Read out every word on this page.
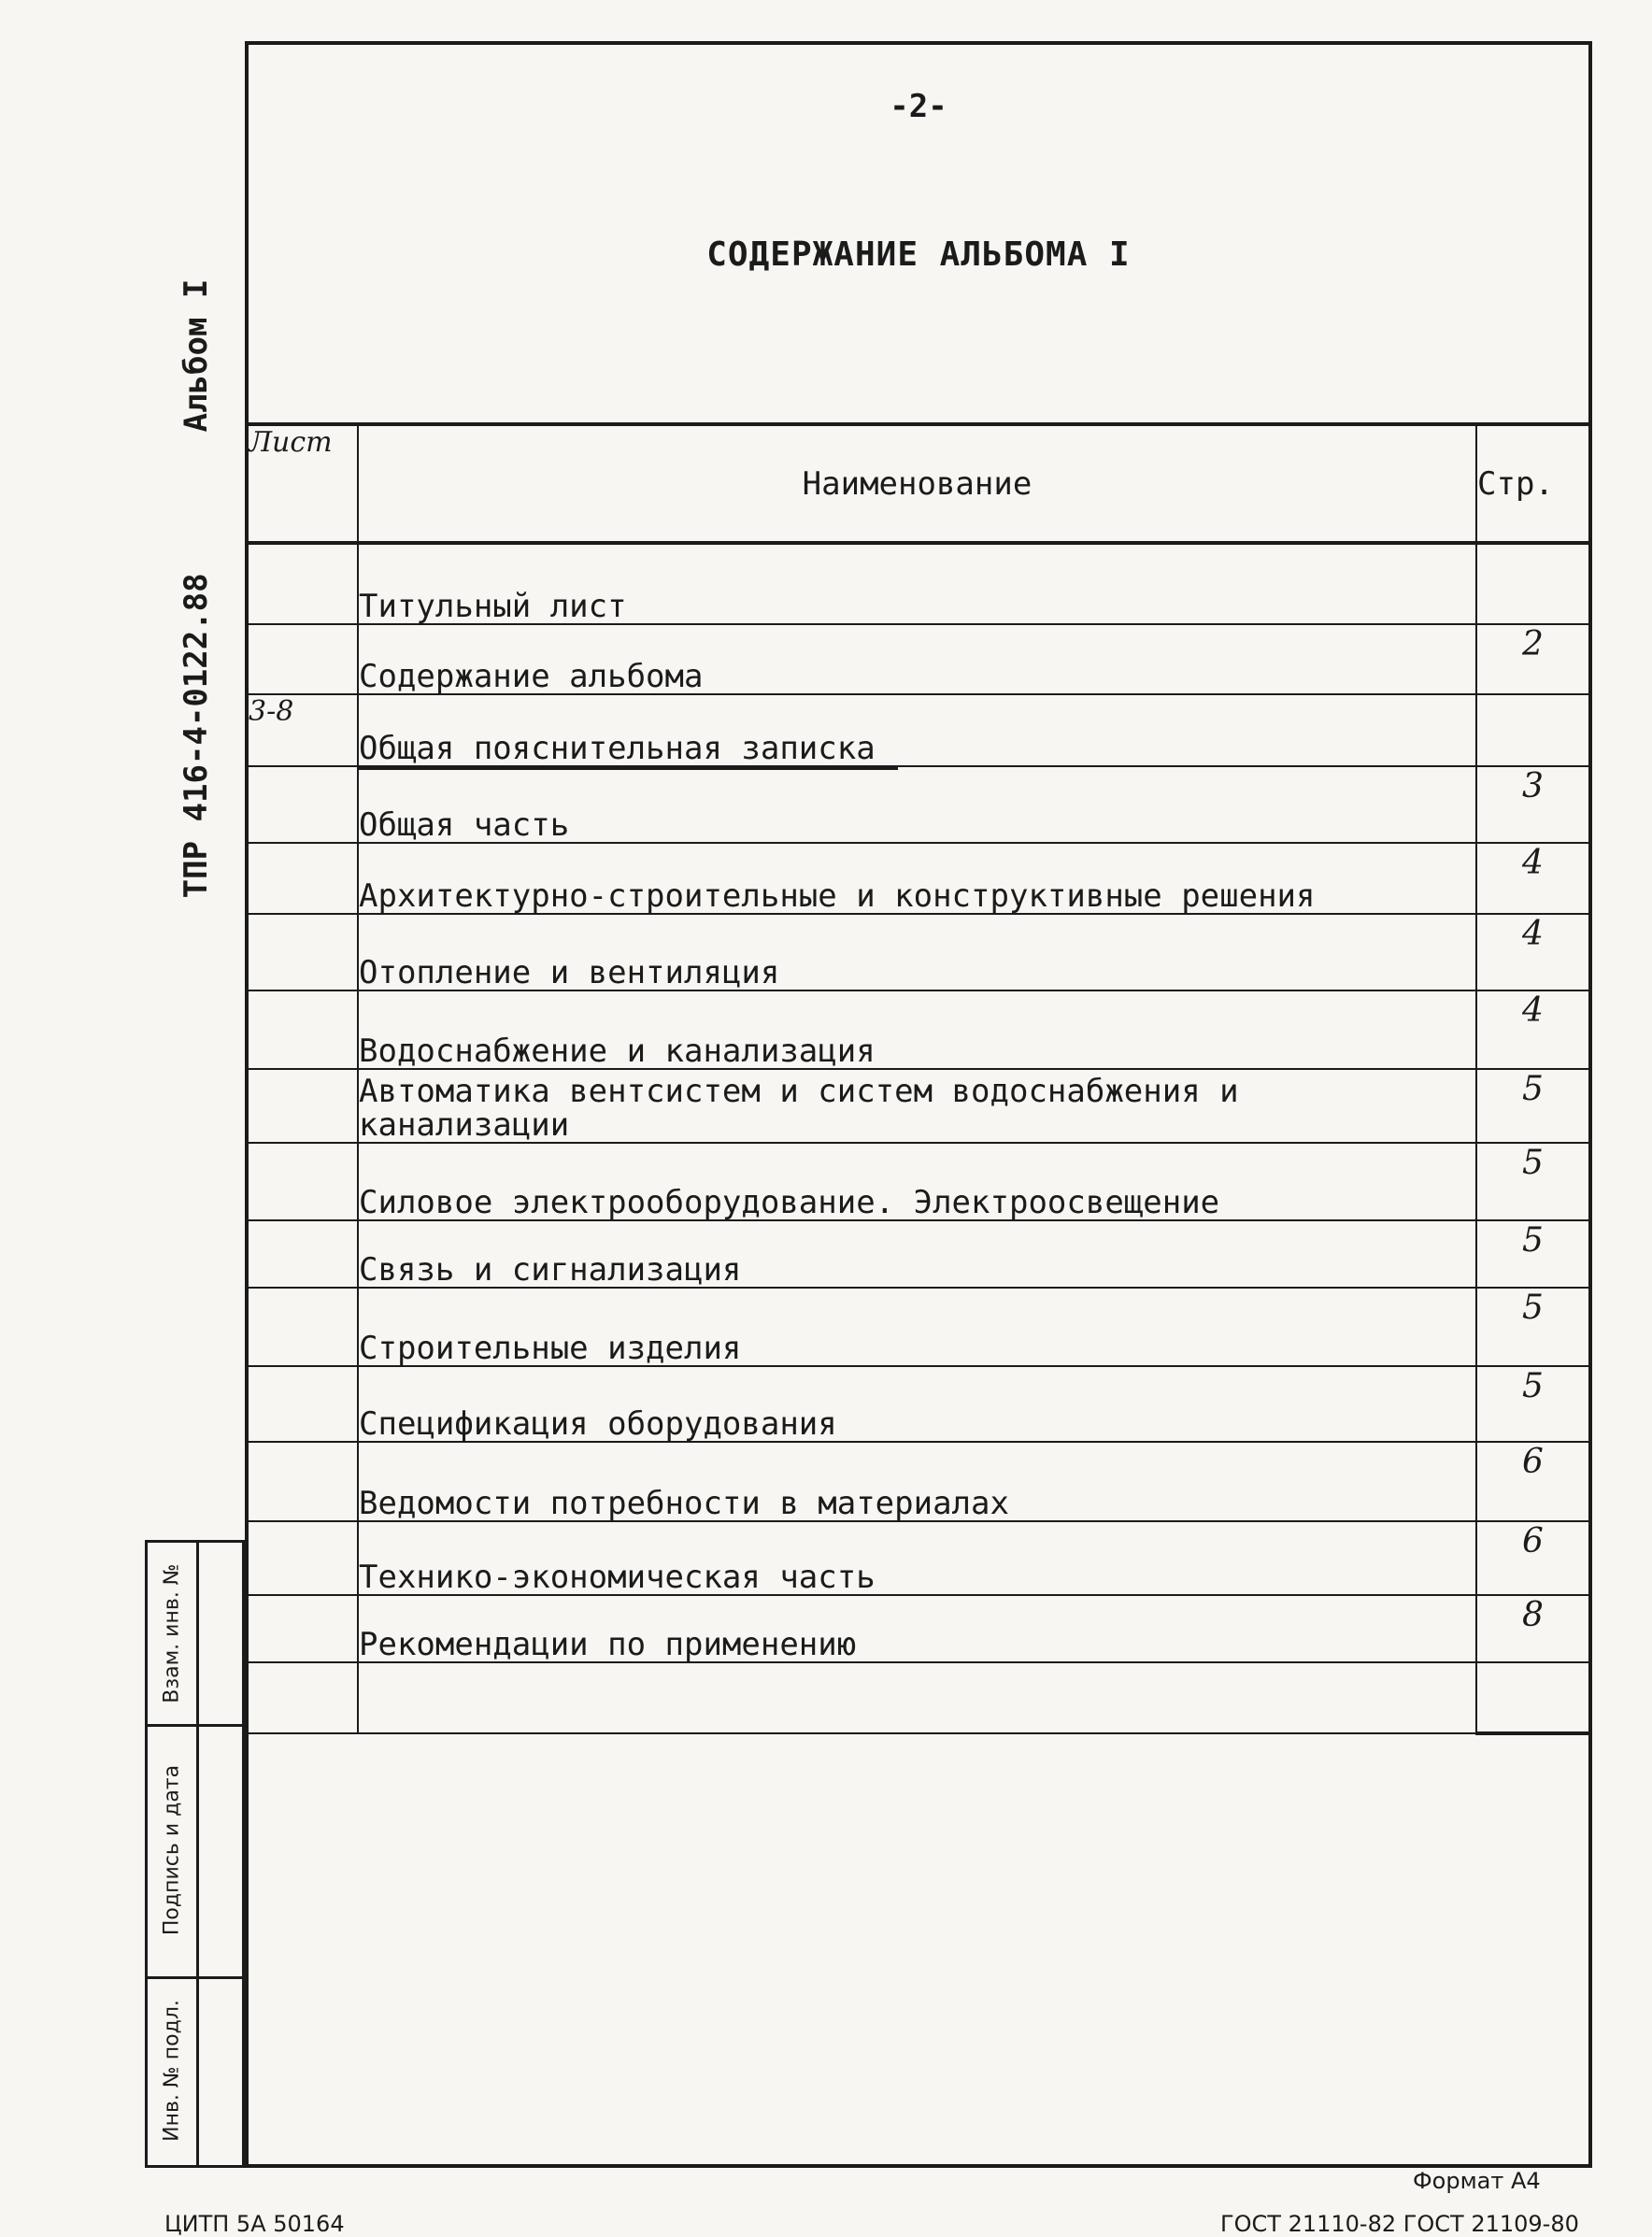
ТПР 416-4-0122.88  Альбом I
-2-
СОДЕРЖАНИЕ АЛЬБОМА I
Лист	Наименование	Стр.
	Титульный лист	
	Содержание альбома	2
3-8	Общая пояснительная записка	
	Общая часть	3
	Архитектурно-строительные и конструктивные решения	4
	Отопление и вентиляция	4
	Водоснабжение и канализация	4
	Автоматика вентсистем и систем водоснабжения и канализации	5
	Силовое электрооборудование. Электроосвещение	5
	Связь и сигнализация	5
	Строительные изделия	5
	Спецификация оборудования	5
	Ведомости потребности в материалах	6
	Технико-экономическая часть	6
	Рекомендации по применению	8

Взам. инв. №
Подпись и дата
Инв. № подл.
Формат А4
ЦИТП 5А 50164	ГОСТ 21110-82 ГОСТ 21109-80
